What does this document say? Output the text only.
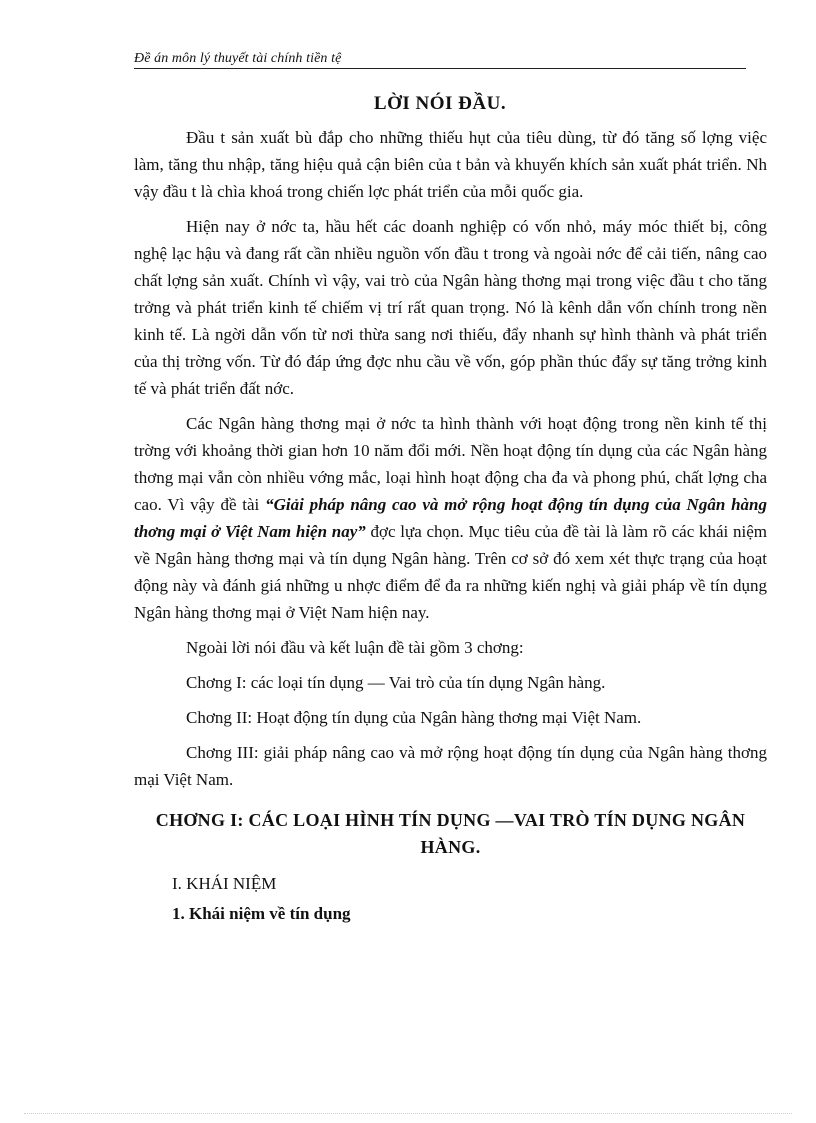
Đề án môn lý thuyết tài chính tiền tệ
LỜI NÓI ĐẦU.

Đầu t sản xuất bù đắp cho những thiếu hụt của tiêu dùng, từ đó tăng số lợng việc làm, tăng thu nhập, tăng hiệu quả cận biên của t bản và khuyến khích sản xuất phát triển. Nh vậy đầu t là chìa khoá trong chiến lợc phát triển của mỗi quốc gia.

Hiện nay ở nớc ta, hầu hết các doanh nghiệp có vốn nhỏ, máy móc thiết bị, công nghệ lạc hậu và đang rất cần nhiều nguồn vốn đầu t trong và ngoài nớc để cải tiến, nâng cao chất lợng sản xuất. Chính vì vậy, vai trò của Ngân hàng thơng mại trong việc đầu t cho tăng trởng và phát triển kinh tế chiếm vị trí rất quan trọng. Nó là kênh dẫn vốn chính trong nền kinh tế. Là ngời dẫn vốn từ nơi thừa sang nơi thiếu, đẩy nhanh sự hình thành và phát triển của thị trờng vốn. Từ đó đáp ứng đợc nhu cầu về vốn, góp phần thúc đẩy sự tăng trởng kinh tế và phát triển đất nớc.

Các Ngân hàng thơng mại ở nớc ta hình thành với hoạt động trong nền kinh tế thị trờng với khoảng thời gian hơn 10 năm đổi mới. Nền hoạt động tín dụng của các Ngân hàng thơng mại vẫn còn nhiều vớng mắc, loại hình hoạt động cha đa và phong phú, chất lợng cha cao. Vì vậy đề tài “Giải pháp nâng cao và mở rộng hoạt động tín dụng của Ngân hàng thơng mại ở Việt Nam hiện nay” đợc lựa chọn. Mục tiêu của đề tài là làm rõ các khái niệm về Ngân hàng thơng mại và tín dụng Ngân hàng. Trên cơ sở đó xem xét thực trạng của hoạt động này và đánh giá những u nhợc điểm để đa ra những kiến nghị và giải pháp về tín dụng Ngân hàng thơng mại ở Việt Nam hiện nay.

Ngoài lời nói đầu và kết luận đề tài gồm 3 chơng:

Chơng I: các loại tín dụng — Vai trò của tín dụng Ngân hàng.

Chơng II: Hoạt động tín dụng của Ngân hàng thơng mại Việt Nam.

Chơng III: giải pháp nâng cao và mở rộng hoạt động tín dụng của Ngân hàng thơng mại Việt Nam.

CHƠNG I: CÁC LOẠI HÌNH TÍN DỤNG —VAI TRÒ TÍN DỤNG NGÂN HÀNG.
I. KHÁI NIỆM
1. Khái niệm về tín dụng
